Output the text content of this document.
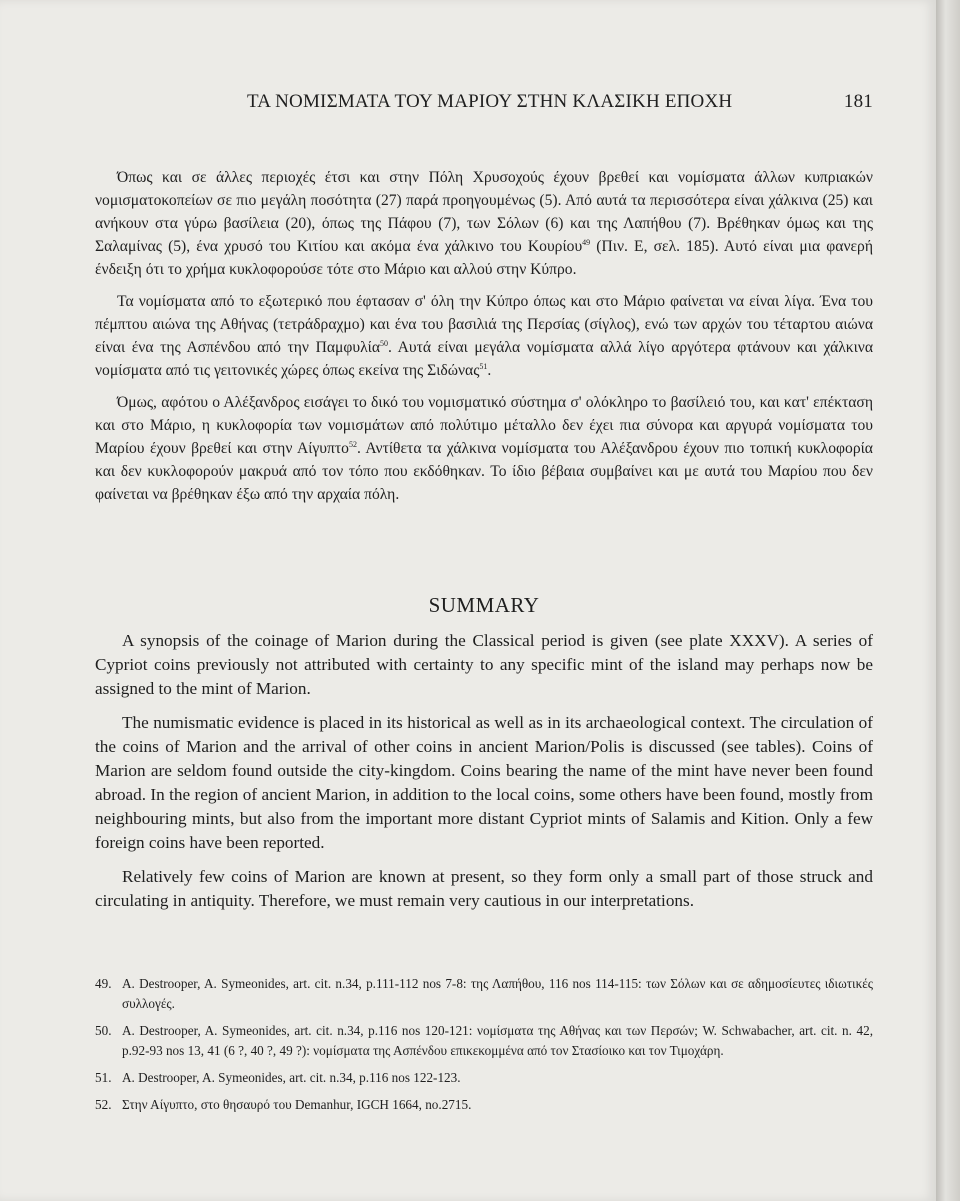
ΤΑ ΝΟΜΙΣΜΑΤΑ ΤΟΥ ΜΑΡΙΟΥ ΣΤΗΝ ΚΛΑΣΙΚΗ ΕΠΟΧΗ	181

Όπως και σε άλλες περιοχές έτσι και στην Πόλη Χρυσοχούς έχουν βρεθεί και νομίσματα άλλων κυπριακών νομισματοκοπείων σε πιο μεγάλη ποσότητα (27) παρά προηγουμένως (5). Από αυτά τα περισσότερα είναι χάλκινα (25) και ανήκουν στα γύρω βασίλεια (20), όπως της Πάφου (7), των Σόλων (6) και της Λαπήθου (7). Βρέθηκαν όμως και της Σαλαμίνας (5), ένα χρυσό του Κιτίου και ακόμα ένα χάλκινο του Κουρίου$^{49}$ (Πιν. Ε, σελ. 185). Αυτό είναι μια φανερή ένδειξη ότι το χρήμα κυκλοφορούσε τότε στο Μάριο και αλλού στην Κύπρο.

Τα νομίσματα από το εξωτερικό που έφτασαν σ' όλη την Κύπρο όπως και στο Μάριο φαίνεται να είναι λίγα. Ένα του πέμπτου αιώνα της Αθήνας (τετράδραχμο) και ένα του βασιλιά της Περσίας (σίγλος), ενώ των αρχών του τέταρτου αιώνα είναι ένα της Ασπένδου από την Παμφυλία$^{50}$. Αυτά είναι μεγάλα νομίσματα αλλά λίγο αργότερα φτάνουν και χάλκινα νομίσματα από τις γειτονικές χώρες όπως εκείνα της Σιδώνας$^{51}$.

Όμως, αφότου ο Αλέξανδρος εισάγει το δικό του νομισματικό σύστημα σ' ολόκληρο το βασίλειό του, και κατ' επέκταση και στο Μάριο, η κυκλοφορία των νομισμάτων από πολύτιμο μέταλλο δεν έχει πια σύνορα και αργυρά νομίσματα του Μαρίου έχουν βρεθεί και στην Αίγυπτο$^{52}$. Αντίθετα τα χάλκινα νομίσματα του Αλέξανδρου έχουν πιο τοπική κυκλοφορία και δεν κυκλοφορούν μακρυά από τον τόπο που εκδόθηκαν. Το ίδιο βέβαια συμβαίνει και με αυτά του Μαρίου που δεν φαίνεται να βρέθηκαν έξω από την αρχαία πόλη.

SUMMARY

A synopsis of the coinage of Marion during the Classical period is given (see plate XXXV). A series of Cypriot coins previously not attributed with certainty to any specific mint of the island may perhaps now be assigned to the mint of Marion.

The numismatic evidence is placed in its historical as well as in its archaeological context. The circulation of the coins of Marion and the arrival of other coins in ancient Marion/Polis is discussed (see tables). Coins of Marion are seldom found outside the city-kingdom. Coins bearing the name of the mint have never been found abroad. In the region of ancient Marion, in addition to the local coins, some others have been found, mostly from neighbouring mints, but also from the important more distant Cypriot mints of Salamis and Kition. Only a few foreign coins have been reported.

Relatively few coins of Marion are known at present, so they form only a small part of those struck and circulating in antiquity. Therefore, we must remain very cautious in our interpretations.

49. A. Destrooper, A. Symeonides, art. cit. n.34, p.111-112 nos 7-8: της Λαπήθου, 116 nos 114-115: των Σόλων και σε αδημοσίευτες ιδιωτικές συλλογές.
50. A. Destrooper, A. Symeonides, art. cit. n.34, p.116 nos 120-121: νομίσματα της Αθήνας και των Περσών; W. Schwabacher, art. cit. n. 42, p.92-93 nos 13, 41 (6 ?, 40 ?, 49 ?): νομίσματα της Ασπένδου επικεκομμένα από τον Στασίοικο και τον Τιμοχάρη.
51. A. Destrooper, A. Symeonides, art. cit. n.34, p.116 nos 122-123.
52. Στην Αίγυπτο, στο θησαυρό του Demanhur, IGCH 1664, no.2715.
